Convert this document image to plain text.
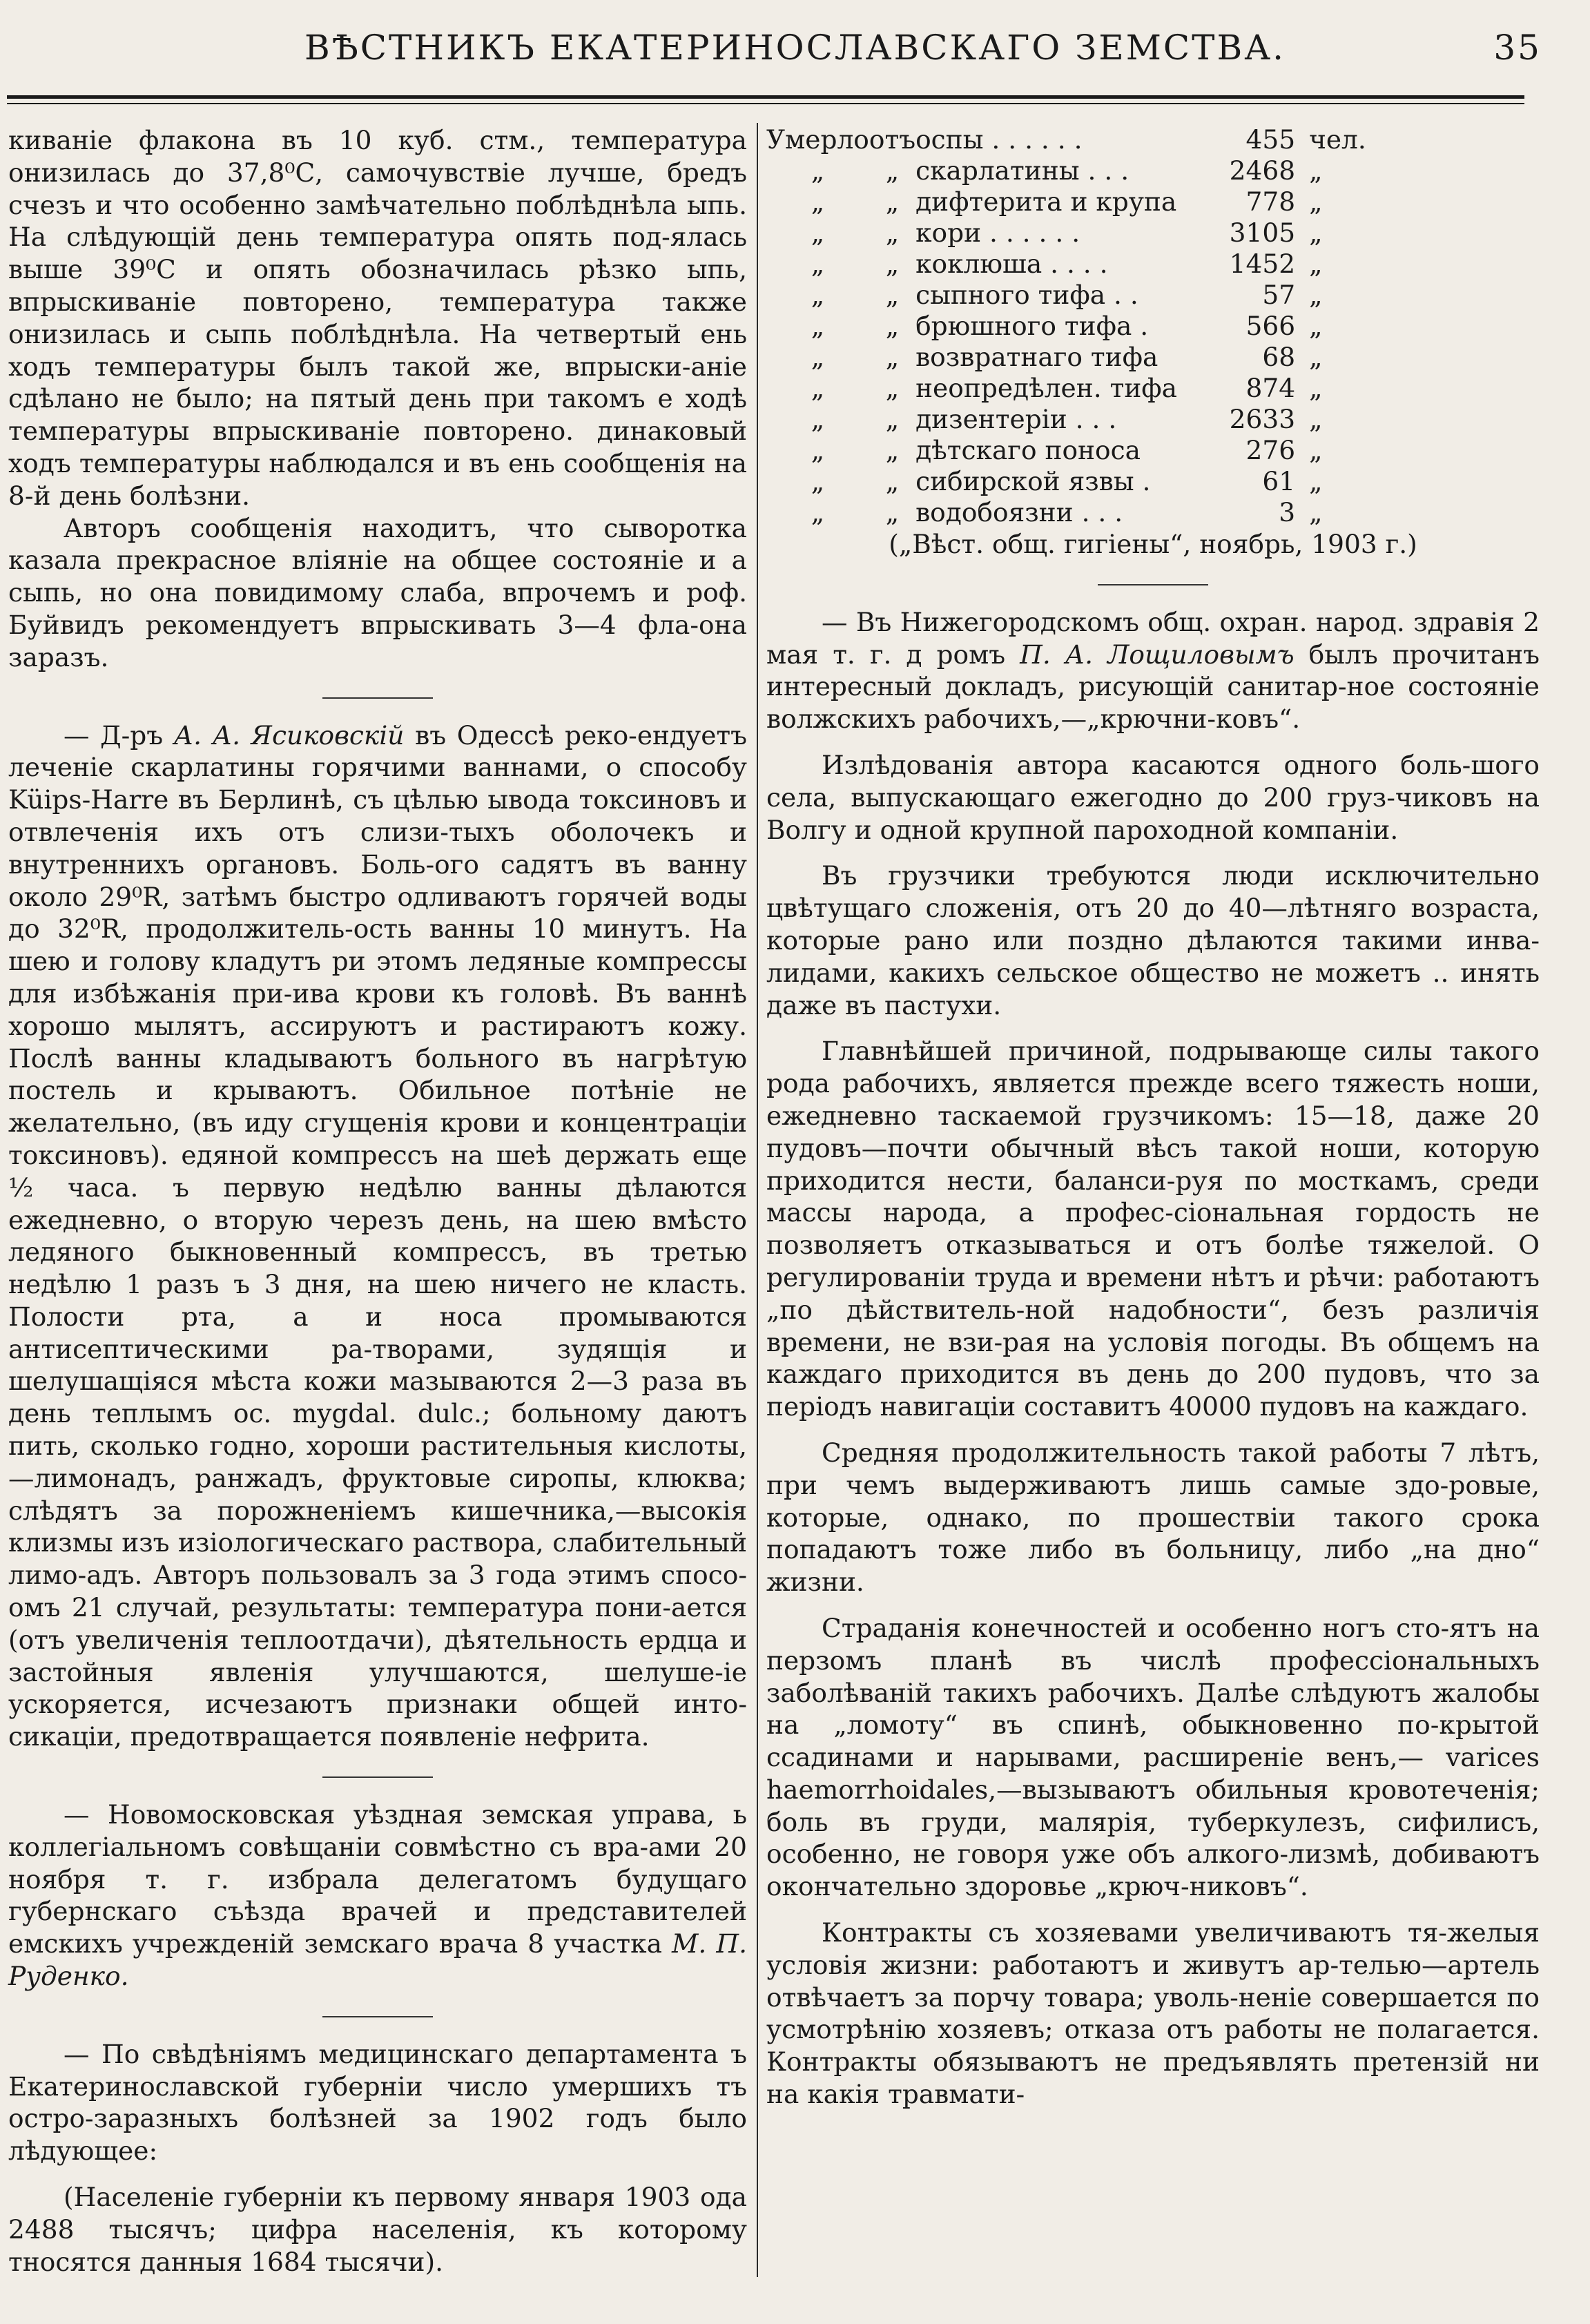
ВѢСТНИКЪ ЕКАТЕРИНОСЛАВСКАГО ЗЕМСТВА.	35

киваніе флакона въ 10 куб. стм., температура онизилась до 37,8⁰С, самочувствіе лучше, бредъ счезъ и что особенно замѣчательно поблѣднѣла ыпь. На слѣдующій день температура опять под-ялась выше 39⁰С и опять обозначилась рѣзко ыпь, впрыскиваніе повторено, температура также онизилась и сыпь поблѣднѣла. На четвертый ень ходъ температуры былъ такой же, впрыски-аніе сдѣлано не было; на пятый день при такомъ е ходѣ температуры впрыскиваніе повторено. динаковый ходъ температуры наблюдался и въ ень сообщенія на 8-й день болѣзни.

Авторъ сообщенія находитъ, что сыворотка казала прекрасное вліяніе на общее состояніе и а сыпь, но она повидимому слаба, впрочемъ и роф. Буйвидъ рекомендуетъ впрыскивать 3—4 фла-она заразъ.

— Д-ръ А. А. Ясиковскій въ Одессѣ реко-ендуетъ леченіе скарлатины горячими ваннами, о способу Küips-Harre въ Берлинѣ, съ цѣлью ывода токсиновъ и отвлеченія ихъ отъ слизи-тыхъ оболочекъ и внутреннихъ органовъ. Боль-ого садятъ въ ванну около 29⁰R, затѣмъ быстро одливаютъ горячей воды до 32⁰R, продолжитель-ость ванны 10 минутъ. На шею и голову кладутъ ри этомъ ледяные компрессы для избѣжанія при-ива крови къ головѣ. Въ ваннѣ хорошо мылятъ, ассируютъ и растираютъ кожу. Послѣ ванны кладываютъ больного въ нагрѣтую постель и крываютъ. Обильное потѣніе не желательно, (въ иду сгущенія крови и концентраціи токсиновъ). едяной компрессъ на шеѣ держать еще ½ часа. ъ первую недѣлю ванны дѣлаются ежедневно, о вторую черезъ день, на шею вмѣсто ледяного быкновенный компрессъ, въ третью недѣлю 1 разъ ъ 3 дня, на шею ничего не класть. Полости рта, а и носа промываются антисептическими ра-творами, зудящія и шелушащіяся мѣста кожи мазываются 2—3 раза въ день теплымъ ос. mygdal. dulc.; больному даютъ пить, сколько годно, хороши растительныя кислоты,—лимонадъ, ранжадъ, фруктовые сиропы, клюква; слѣдятъ за порожненіемъ кишечника,—высокія клизмы изъ изіологическаго раствора, слабительный лимо-адъ. Авторъ пользовалъ за 3 года этимъ спосо-омъ 21 случай, результаты: температура пони-ается (отъ увеличенія теплоотдачи), дѣятельность ердца и застойныя явленія улучшаются, шелуше-іе ускоряется, исчезаютъ признаки общей инто-сикаціи, предотвращается появленіе нефрита.

— Новомосковская уѣздная земская управа, ь коллегіальномъ совѣщаніи совмѣстно съ вра-ами 20 ноября т. г. избрала делегатомъ будущаго губернскаго съѣзда врачей и представителей емскихъ учрежденій земскаго врача 8 участка М. П. Руденко.

— По свѣдѣніямъ медицинскаго департамента ъ Екатеринославской губерніи число умершихъ тъ остро-заразныхъ болѣзней за 1902 годъ было лѣдующее:

(Населеніе губерніи къ первому января 1903 ода 2488 тысячъ; цифра населенія, къ которому тносятся данныя 1684 тысячи).

Умерло	отъ	оспы . . . . . .	455	чел.
„	„	скарлатины . . .	2468	„
„	„	дифтерита и крупа	778	„
„	„	кори . . . . . .	3105	„
„	„	коклюша . . . .	1452	„
„	„	сыпного тифа . .	57	„
„	„	брюшного тифа .	566	„
„	„	возвратнаго тифа	68	„
„	„	неопредѣлен. тифа	874	„
„	„	дизентеріи . . .	2633	„
„	„	дѣтскаго поноса	276	„
„	„	сибирской язвы .	61	„
„	„	водобоязни . . .	3	„

(„Вѣст. общ. гигіены“, ноябрь, 1903 г.)

— Въ Нижегородскомъ общ. охран. народ. здравія 2 мая т. г. д ромъ П. А. Лощиловымъ былъ прочитанъ интересный докладъ, рисующій санитар-ное состояніе волжскихъ рабочихъ,—„крючни-ковъ“.

Излѣдованія автора касаются одного боль-шого села, выпускающаго ежегодно до 200 груз-чиковъ на Волгу и одной крупной пароходной компаніи.

Въ грузчики требуются люди исключительно цвѣтущаго сложенія, отъ 20 до 40—лѣтняго возраста, которые рано или поздно дѣлаются такими инва-лидами, какихъ сельское общество не можетъ .. инять даже въ пастухи.

Главнѣйшей причиной, подрывающе силы такого рода рабочихъ, является прежде всего тяжесть ноши, ежедневно таскаемой грузчикомъ: 15—18, даже 20 пудовъ—почти обычный вѣсъ такой ноши, которую приходится нести, баланси-руя по мосткамъ, среди массы народа, а профес-сіональная гордость не позволяетъ отказываться и отъ болѣе тяжелой. О регулированіи труда и времени нѣтъ и рѣчи: работаютъ „по дѣйствитель-ной надобности“, безъ различія времени, не взи-рая на условія погоды. Въ общемъ на каждаго приходится въ день до 200 пудовъ, что за періодъ навигаціи составитъ 40000 пудовъ на каждаго.

Средняя продолжительность такой работы 7 лѣтъ, при чемъ выдерживаютъ лишь самые здо-ровые, которые, однако, по прошествіи такого срока попадаютъ тоже либо въ больницу, либо „на дно“ жизни.

Страданія конечностей и особенно ногъ сто-ятъ на перзомъ планѣ въ числѣ профессіональныхъ заболѣваній такихъ рабочихъ. Далѣе слѣдуютъ жалобы на „ломоту“ въ спинѣ, обыкновенно по-крытой ссадинами и нарывами, расширеніе венъ,— varices haemorrhoidales,—вызываютъ обильныя кровотеченія; боль въ груди, малярія, туберкулезъ, сифилисъ, особенно, не говоря уже объ алкого-лизмѣ, добиваютъ окончательно здоровье „крюч-никовъ“.

Контракты съ хозяевами увеличиваютъ тя-желыя условія жизни: работаютъ и живутъ ар-телью—артель отвѣчаетъ за порчу товара; уволь-неніе совершается по усмотрѣнію хозяевъ; отказа отъ работы не полагается. Контракты обязываютъ не предъявлять претензій ни на какія травмати-
